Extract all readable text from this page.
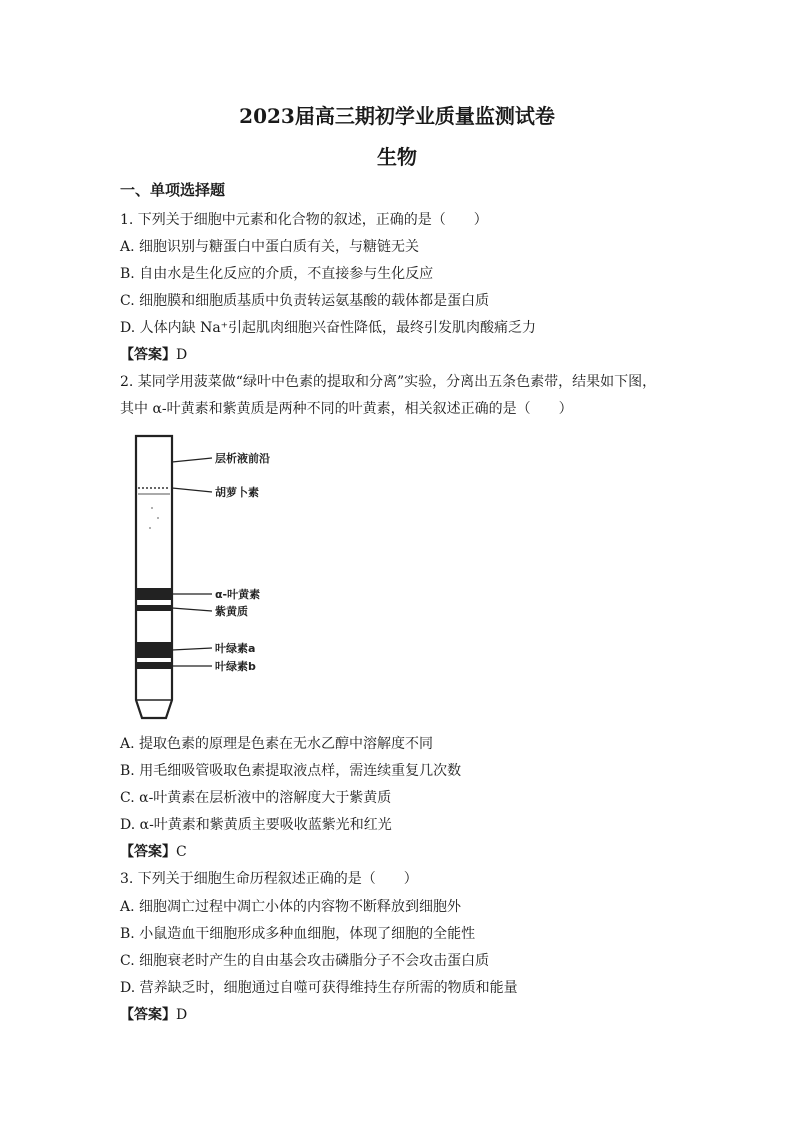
2023届高三期初学业质量监测试卷
生物
一、单项选择题
1. 下列关于细胞中元素和化合物的叙述，正确的是（　　）
A. 细胞识别与糖蛋白中蛋白质有关，与糖链无关
B. 自由水是生化反应的介质，不直接参与生化反应
C. 细胞膜和细胞质基质中负责转运氨基酸的载体都是蛋白质
D. 人体内缺 Na⁺引起肌肉细胞兴奋性降低，最终引发肌肉酸痛乏力
【答案】D
2. 某同学用菠菜做“绿叶中色素的提取和分离”实验，分离出五条色素带，结果如下图，
其中 α-叶黄素和紫黄质是两种不同的叶黄素，相关叙述正确的是（　　）
层析液前沿
胡萝卜素
α-叶黄素
紫黄质
叶绿素a
叶绿素b
A. 提取色素的原理是色素在无水乙醇中溶解度不同
B. 用毛细吸管吸取色素提取液点样，需连续重复几次数
C. α-叶黄素在层析液中的溶解度大于紫黄质
D. α-叶黄素和紫黄质主要吸收蓝紫光和红光
【答案】C
3. 下列关于细胞生命历程叙述正确的是（　　）
A. 细胞凋亡过程中凋亡小体的内容物不断释放到细胞外
B. 小鼠造血干细胞形成多种血细胞，体现了细胞的全能性
C. 细胞衰老时产生的自由基会攻击磷脂分子不会攻击蛋白质
D. 营养缺乏时，细胞通过自噬可获得维持生存所需的物质和能量
【答案】D
